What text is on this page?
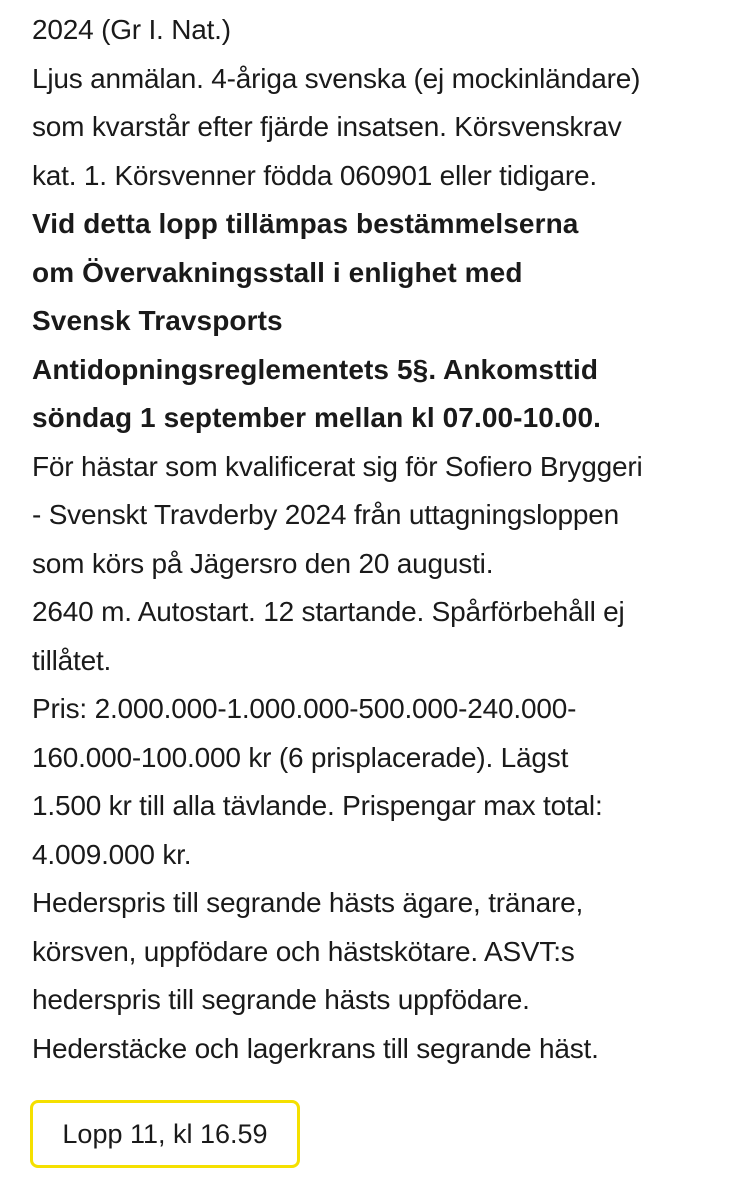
2024 (Gr I. Nat.)
Ljus anmälan. 4-åriga svenska (ej mockinländare)
som kvarstår efter fjärde insatsen. Körsvenskrav
kat. 1. Körsvenner födda 060901 eller tidigare.
Vid detta lopp tillämpas bestämmelserna
om Övervakningsstall i enlighet med
Svensk Travsports
Antidopningsreglementets 5§. Ankomsttid
söndag 1 september mellan kl 07.00-10.00.
För hästar som kvalificerat sig för Sofiero Bryggeri
- Svenskt Travderby 2024 från uttagningsloppen
som körs på Jägersro den 20 augusti.
2640 m. Autostart. 12 startande. Spårförbehåll ej
tillåtet.
Pris: 2.000.000-1.000.000-500.000-240.000-
160.000-100.000 kr (6 prisplacerade). Lägst
1.500 kr till alla tävlande. Prispengar max total:
4.009.000 kr.
Hederspris till segrande hästs ägare, tränare,
körsven, uppfödare och hästskötare. ASVT:s
hederspris till segrande hästs uppfödare.
Hederstäcke och lagerkrans till segrande häst.
Lopp 11, kl 16.59
